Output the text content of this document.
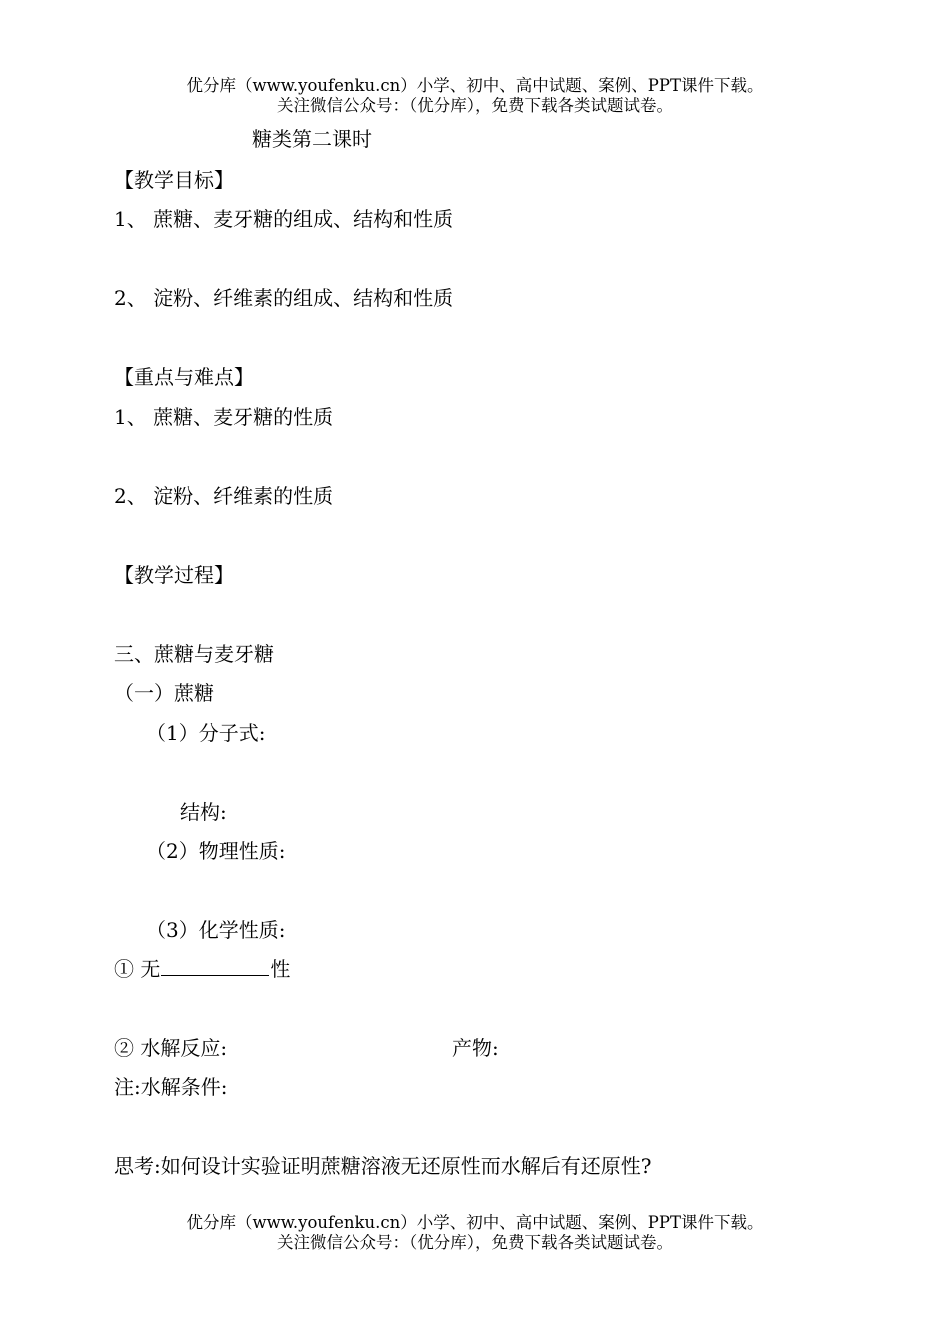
优分库（www.youfenku.cn）小学、初中、高中试题、案例、PPT课件下载。
关注微信公众号：（优分库），免费下载各类试题试卷。
糖类第二课时
【教学目标】
1、 蔗糖、麦牙糖的组成、结构和性质
2、 淀粉、纤维素的组成、结构和性质
【重点与难点】
1、 蔗糖、麦牙糖的性质
2、 淀粉、纤维素的性质
【教学过程】
三、蔗糖与麦牙糖
（一）蔗糖
（1）分子式:
结构:
（2）物理性质:
（3）化学性质:
① 无	性
② 水解反应:	产物:
注:水解条件:
思考:如何设计实验证明蔗糖溶液无还原性而水解后有还原性?
优分库（www.youfenku.cn）小学、初中、高中试题、案例、PPT课件下载。
关注微信公众号：（优分库），免费下载各类试题试卷。
